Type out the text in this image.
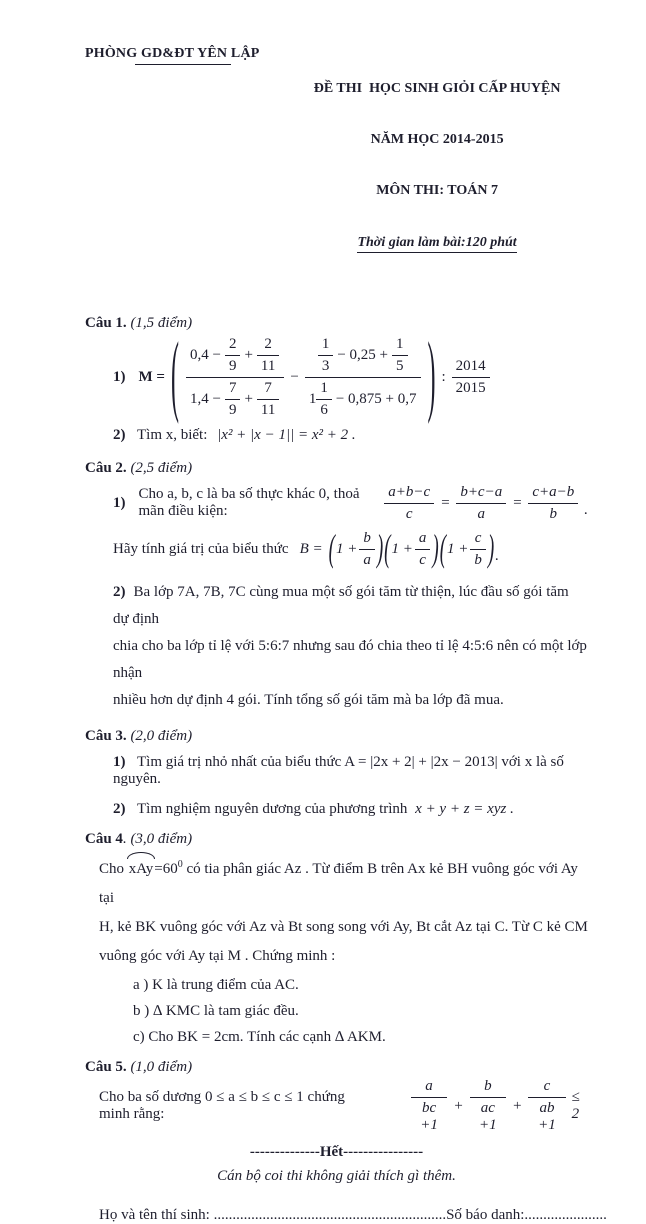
PHÒNG GD&ĐT YÊN LẬP

ĐỀ THI  HỌC SINH GIỎI CẤP HUYỆN

NĂM HỌC 2014-2015

MÔN THI: TOÁN 7

Thời gian làm bài:120 phút

Câu 1. (1,5 điểm)
1) M = ( $\frac{0,4 - \frac{2}{9} + \frac{2}{11}}{1,4 - \frac{7}{9} + \frac{7}{11}} - \frac{\frac{1}{3} - 0,25 + \frac{1}{5}}{1 \frac{1}{6} - 0,875 + 0,7}$ ) : $\frac{2014}{2015}$
2) Tìm x, biết: |x² + |x − 1|| = x² + 2 .
Câu 2. (2,5 điểm)
1)
Cho a, b, c là ba số thực khác 0, thoả mãn điều kiện:	$\frac{a+b-c}{c} = \frac{b+c-a}{a} = \frac{c+a-b}{b}$ .
Hãy tính giá trị của biểu thức B = ( $1 + \frac{b}{a}$ ) ( $1 + \frac{a}{c}$ ) ( $1 + \frac{c}{b}$ ) .
2) Ba lớp 7A, 7B, 7C cùng mua một số gói tăm từ thiện, lúc đầu số gói tăm dự định
chia cho ba lớp tỉ lệ với 5:6:7 nhưng sau đó chia theo tỉ lệ 4:5:6 nên có một lớp nhận
nhiều hơn dự định 4 gói. Tính tổng số gói tăm mà ba lớp đã mua.
Câu 3. (2,0 điểm)
1) Tìm giá trị nhỏ nhất của biểu thức A = |2x + 2| + |2x − 2013| với x là số nguyên.
2) Tìm nghiệm nguyên dương của phương trình x + y + z = xyz .
Câu 4. (3,0 điểm)
Cho $xAy=60^0$ có tia phân giác Az . Từ điểm B trên Ax kẻ BH vuông góc với Ay tại
H, kẻ BK vuông góc với Az và Bt song song với Ay, Bt cắt Az tại C. Từ C kẻ CM
vuông góc với Ay tại M . Chứng minh :
a ) K là trung điểm của AC.
b ) ∆ KMC là tam giác đều.
c) Cho BK = 2cm. Tính các cạnh ∆ AKM.
Câu 5. (1,0 điểm)
Cho ba số dương 0 ≤ a ≤ b ≤ c ≤ 1 chứng minh rằng:	$\frac{a}{bc +1} + \frac{b}{ac +1} + \frac{c}{ab +1} \le 2$
--------------Hết----------------
Cán bộ coi thi không giải thích gì thêm.
Họ và tên thí sinh: ..............................................................Số báo danh:......................
